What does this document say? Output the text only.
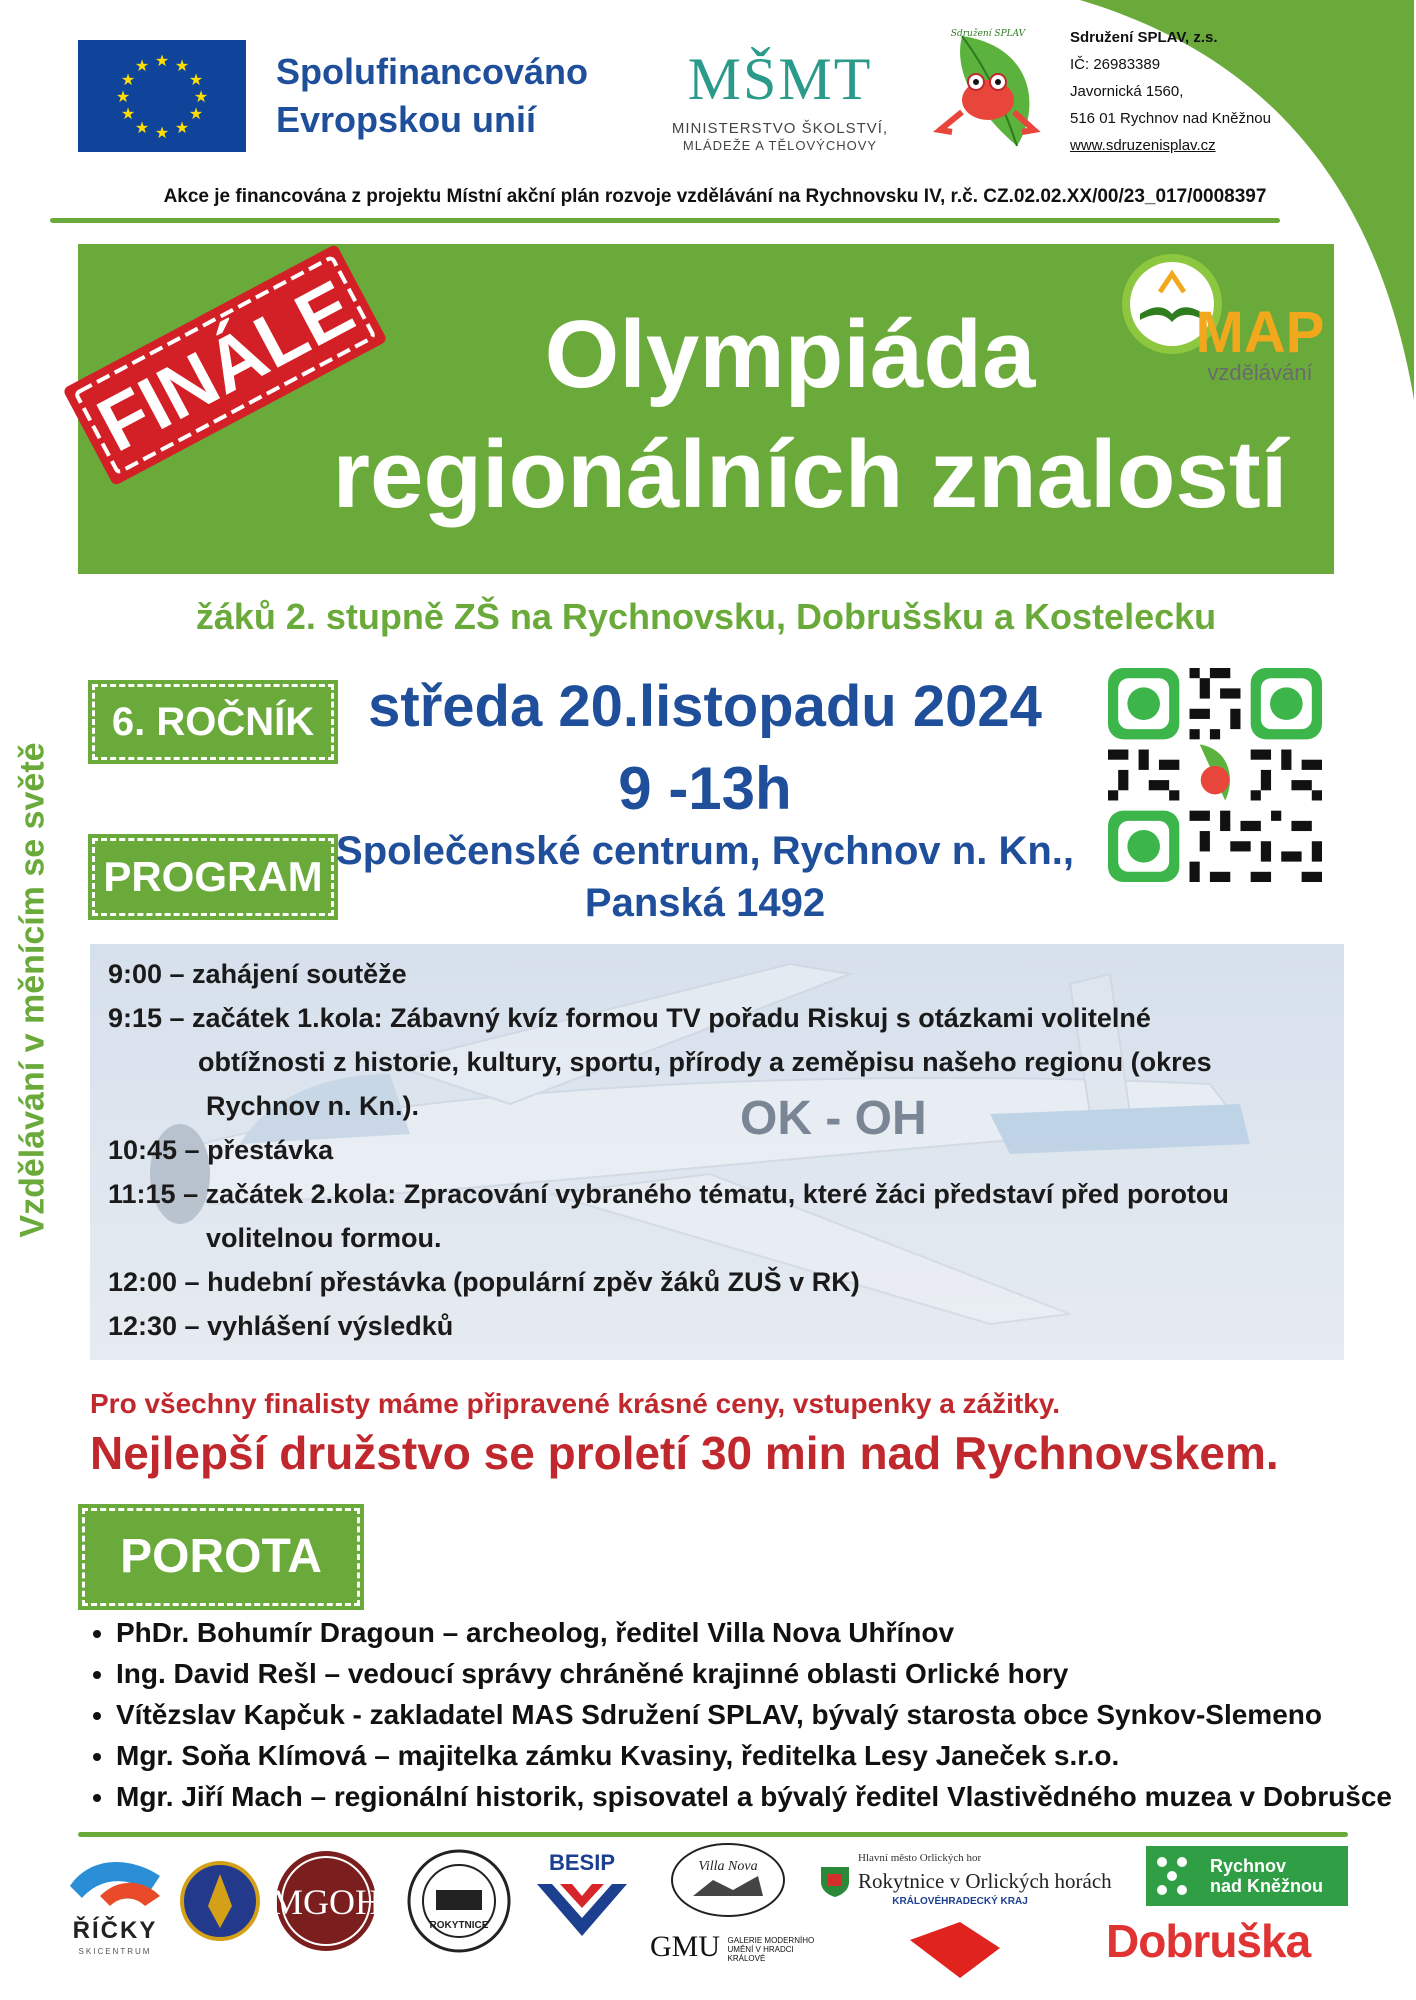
★ ★
★
★
★
★
★
★
★
★
★
★	Spolufinancováno
Evropskou unií
MŠMT
MINISTERSTVO ŠKOLSTVÍ,
MLÁDEŽE A TĚLOVÝCHOVY
Sdružení SPLAV	Sdružení SPLAV, z.s.
IČ: 26983389
Javornická 1560,
516 01 Rychnov nad Kněžnou
www.sdruzenisplav.cz
Akce je financována z projektu Místní akční plán rozvoje vzdělávání na Rychnovsku IV, r.č. CZ.02.02.XX/00/23_017/0008397
Olympiáda
regionálních znalostí
MAP
vzdělávání
FINÁLE
žáků 2. stupně ZŠ na Rychnovsku, Dobrušsku a Kostelecku
Vzdělávání v měnícím se světě
6. ROČNÍK
PROGRAM
středa 20.listopadu 2024
9 -13h
Společenské centrum, Rychnov n. Kn.,
Panská 1492
OK - OH
9:00 – zahájení soutěže
9:15 – začátek 1.kola: Zábavný kvíz formou TV pořadu Riskuj s otázkami volitelné
obtížnosti z historie, kultury, sportu, přírody a zeměpisu našeho regionu (okres
Rychnov n. Kn.).
10:45 – přestávka
11:15 – začátek 2.kola: Zpracování vybraného tématu, které žáci představí před porotou
volitelnou formou.
12:00 – hudební přestávka (populární zpěv žáků ZUŠ v RK)
12:30 – vyhlášení výsledků
Pro všechny finalisty máme připravené krásné ceny, vstupenky a zážitky.
Nejlepší družstvo se proletí 30 min nad Rychnovskem.
POROTA
• PhDr. Bohumír Dragoun – archeolog, ředitel Villa Nova Uhřínov
• Ing. David Rešl – vedoucí správy chráněné krajinné oblasti Orlické hory
• Vítězslav Kapčuk - zakladatel MAS Sdružení SPLAV, bývalý starosta obce Synkov-Slemeno
• Mgr. Soňa Klímová – majitelka zámku Kvasiny, ředitelka Lesy Janeček s.r.o.
• Mgr. Jiří Mach – regionální historik, spisovatel a bývalý ředitel Vlastivědného muzea v Dobrušce
ŘÍČKY
SKICENTRUM
MGOH
ROKYTNICE
BESIP	Villa Nova
GMU GALERIE MODERNÍHO UMĚNÍ V HRADCI KRÁLOVÉ
Hlavní město Orlických hor
Rokytnice v Orlických horách
KRÁLOVÉHRADECKÝ KRAJ
Rychnov
nad Kněžnou
Dobruška
